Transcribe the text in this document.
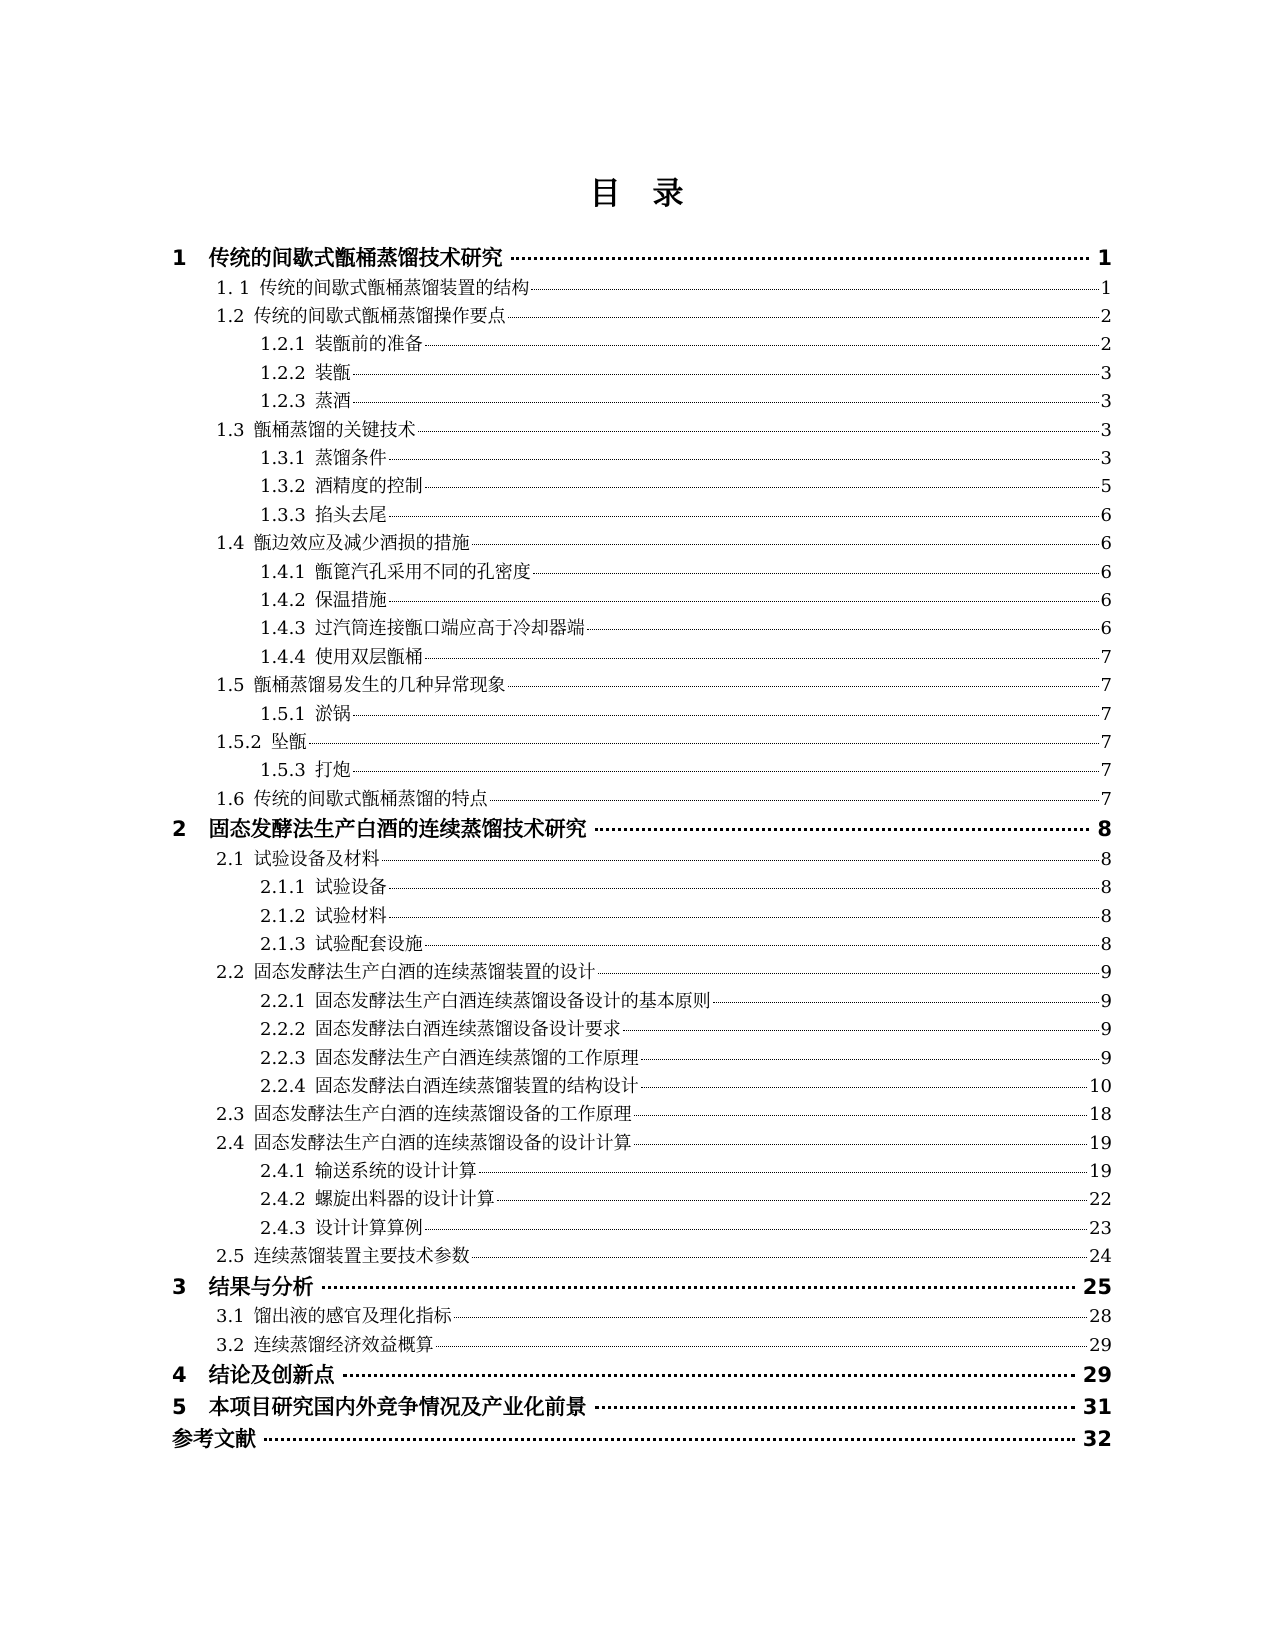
目 录
1 传统的间歇式甑桶蒸馏技术研究	1
1. 1 传统的间歇式甑桶蒸馏装置的结构	1
1.2 传统的间歇式甑桶蒸馏操作要点	2
1.2.1 装甑前的准备	2
1.2.2 装甑	3
1.2.3 蒸酒	3
1.3 甑桶蒸馏的关键技术	3
1.3.1 蒸馏条件	3
1.3.2 酒精度的控制	5
1.3.3 掐头去尾	6
1.4 甑边效应及减少酒损的措施	6
1.4.1 甑篦汽孔采用不同的孔密度	6
1.4.2 保温措施	6
1.4.3 过汽筒连接甑口端应高于冷却器端	6
1.4.4 使用双层甑桶	7
1.5 甑桶蒸馏易发生的几种异常现象	7
1.5.1 淤锅	7
1.5.2 坠甑	7
1.5.3 打炮	7
1.6 传统的间歇式甑桶蒸馏的特点	7
2 固态发酵法生产白酒的连续蒸馏技术研究	8
2.1 试验设备及材料	8
2.1.1 试验设备	8
2.1.2 试验材料	8
2.1.3 试验配套设施	8
2.2 固态发酵法生产白酒的连续蒸馏装置的设计	9
2.2.1 固态发酵法生产白酒连续蒸馏设备设计的基本原则	9
2.2.2 固态发酵法白酒连续蒸馏设备设计要求	9
2.2.3 固态发酵法生产白酒连续蒸馏的工作原理	9
2.2.4 固态发酵法白酒连续蒸馏装置的结构设计	10
2.3 固态发酵法生产白酒的连续蒸馏设备的工作原理	18
2.4 固态发酵法生产白酒的连续蒸馏设备的设计计算	19
2.4.1 输送系统的设计计算	19
2.4.2 螺旋出料器的设计计算	22
2.4.3 设计计算算例	23
2.5 连续蒸馏装置主要技术参数	24
3 结果与分析	25
3.1 馏出液的感官及理化指标	28
3.2 连续蒸馏经济效益概算	29
4 结论及创新点	29
5 本项目研究国内外竞争情况及产业化前景	31
参考文献	32
